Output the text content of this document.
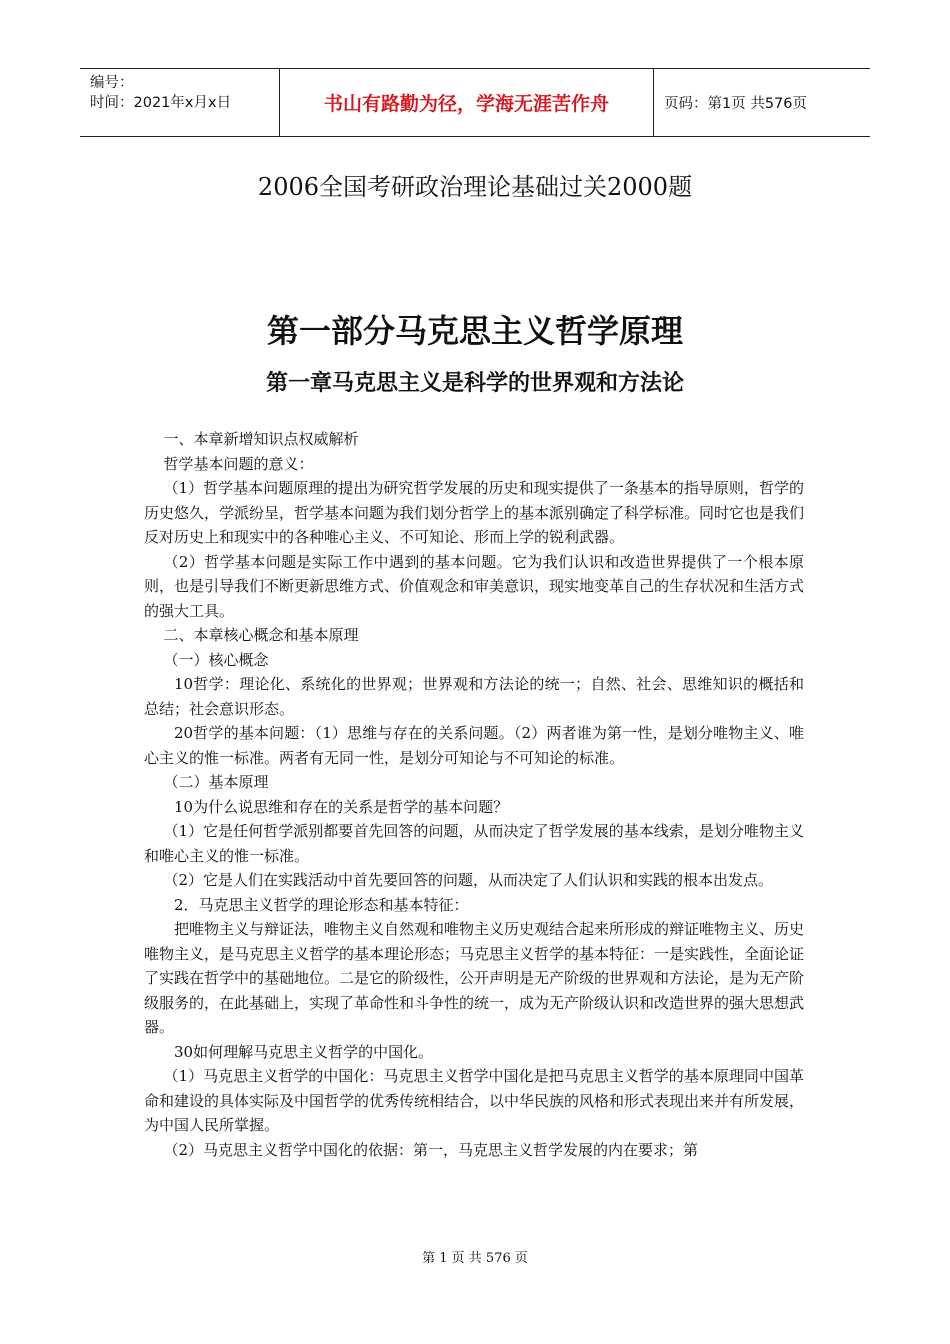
编号：
时间：2021年x月x日	书山有路勤为径，学海无涯苦作舟	页码：第1页 共576页
2006全国考研政治理论基础过关2000题
第一部分马克思主义哲学原理
第一章马克思主义是科学的世界观和方法论

一、本章新增知识点权威解析

哲学基本问题的意义：

（1）哲学基本问题原理的提出为研究哲学发展的历史和现实提供了一条基本的指导原则，哲学的历史悠久，学派纷呈，哲学基本问题为我们划分哲学上的基本派别确定了科学标准。同时它也是我们反对历史上和现实中的各种唯心主义、不可知论、形而上学的锐利武器。

（2）哲学基本问题是实际工作中遇到的基本问题。它为我们认识和改造世界提供了一个根本原则，也是引导我们不断更新思维方式、价值观念和审美意识，现实地变革自己的生存状况和生活方式的强大工具。

二、本章核心概念和基本原理

（一）核心概念

10哲学：理论化、系统化的世界观；世界观和方法论的统一；自然、社会、思维知识的概括和总结；社会意识形态。

20哲学的基本问题：（1）思维与存在的关系问题。（2）两者谁为第一性，是划分唯物主义、唯心主义的惟一标准。两者有无同一性，是划分可知论与不可知论的标准。

（二）基本原理

10为什么说思维和存在的关系是哲学的基本问题？

（1）它是任何哲学派别都要首先回答的问题，从而决定了哲学发展的基本线索，是划分唯物主义和唯心主义的惟一标准。

（2）它是人们在实践活动中首先要回答的问题，从而决定了人们认识和实践的根本出发点。

2．马克思主义哲学的理论形态和基本特征：

把唯物主义与辩证法，唯物主义自然观和唯物主义历史观结合起来所形成的辩证唯物主义、历史唯物主义，是马克思主义哲学的基本理论形态；马克思主义哲学的基本特征：一是实践性，全面论证了实践在哲学中的基础地位。二是它的阶级性，公开声明是无产阶级的世界观和方法论，是为无产阶级服务的，在此基础上，实现了革命性和斗争性的统一，成为无产阶级认识和改造世界的强大思想武器。

30如何理解马克思主义哲学的中国化。

（1）马克思主义哲学的中国化：马克思主义哲学中国化是把马克思主义哲学的基本原理同中国革命和建设的具体实际及中国哲学的优秀传统相结合，以中华民族的风格和形式表现出来并有所发展，为中国人民所掌握。

（2）马克思主义哲学中国化的依据：第一，马克思主义哲学发展的内在要求；第

第 1 页 共 576 页
